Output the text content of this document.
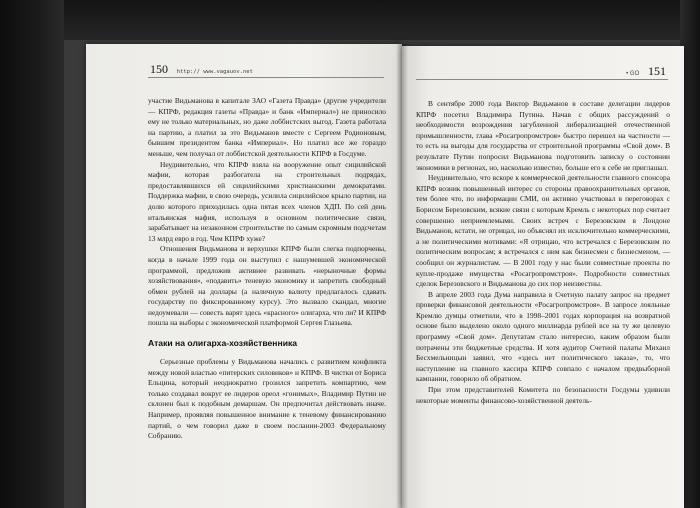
150 http:// www.vagauov.net

участие Видьманова в капитале ЗАО «Газета Правда» (другие учредители — КПРФ, редакция газеты «Правда» и банк «Империал») не приносило ему не только материальных, но даже лоббистских выгод. Газета работала на партию, а платил за это Видьманов вместе с Сергеем Родионовым, бывшим президентом банка «Империал». Но платил все же гораздо меньше, чем получал от лоббистской деятельности КПРФ в Госдуме.

Неудивительно, что КПРФ взяла на вооружение опыт сицилийской мафии, которая разбогатела на строительных подрядах, предоставлявшихся ей сицилийскими христианскими демократами. Поддержка мафии, в свою очередь, усилила сицилийское крыло партии, на долю которого приходилась одна пятая всех членов ХДП. По сей день итальянская мафия, используя в основном политические связи, зарабатывает на незаконном строительстве по самым скромным подсчетам 13 млрд евро в год. Чем КПРФ хуже?

Отношения Видьманова и верхушки КПРФ были слегка подпорчены, когда в начале 1999 года он выступил с нашумевшей экономической программой, предложив активнее развивать «нерыночные формы хозяйствования», «подавить» теневую экономику и запретить свободный обмен рублей на доллары (а наличную валюту предлагалось сдавать государству по фиксированному курсу). Это вызвало скандал, многие недоумевали — совесть варят здесь «красного» олигарха, что ли? И КПРФ пошла на выборы с экономической платформой Сергея Глазьева.

Атаки на олигарха-хозяйственника

Серьезные проблемы у Видьманова начались с развитием конфликта между новой властью «питерских силовиков» и КПРФ. В чистки от Бориса Ельцина, который неоднократно грозился запретить компартию, чем только создавал вокруг ее лидеров ореол «гонимых», Владимир Путин не склонен был к подобным демаршам. Он предпочитал действовать иначе. Например, проявляя повышенное внимание к теневому финансированию партий, о чем говорил даже в своем послании-2003 Федеральному Собранию.

• GO 151

В сентябре 2000 года Виктор Видьманов в составе делегации лидеров КПРФ посетил Владимира Путина. Начав с общих рассуждений о необходимости возрождения загубленной либерализацией отечественной промышленности, глава «Росагропромстроя» быстро перешел на частности — то есть на выгоды для государства от строительной программы «Свой дом». В результате Путин попросил Видьманова подготовить записку о состоянии экономики в регионах, но, насколько известно, больше его к себе не приглашал.

Неудивительно, что вскоре к коммерческой деятельности главного спонсора КПРФ возник повышенный интерес со стороны правоохранительных органов, тем более что, по информации СМИ, он активно участвовал в переговорах с Борисом Березовским, всякие связи с которым Кремль с некоторых пор считает совершенно неприемлемыми. Своих встреч с Березовским в Лондоне Видьманов, кстати, не отрицал, но объяснял их исключительно коммерческими, а не политическими мотивами: «Я отрицаю, что встречался с Березовским по политическим вопросам; я встречался с ним как бизнесмен с бизнесменом, — сообщил он журналистам. — В 2001 году у нас были совместные проекты по купле-продаже имущества «Росагропромстроя». Подробности совместных сделок Березовского и Видьманова до сих пор неизвестны.

В апреле 2003 года Дума направила в Счетную палату запрос на предмет проверки финансовой деятельности «Росагропромстроя». В запросе лояльные Кремлю думцы отметили, что в 1998–2001 годах корпорация на возвратной основе было выделено около одного миллиарда рублей все на ту же целевую программу «Свой дом». Депутатам стало интересно, каким образом были потрачены эти бюджетные средства. И хотя аудитор Счетной палаты Михаил Бесхмельницын заявил, что «здесь нет политического заказа», то, что наступление на главного кассира КПРФ совпало с началом предвыборной кампании, говорило об обратном.

При этом представителей Комитета по безопасности Госдумы удивили некоторые моменты финансово-хозяйственной деятель-
